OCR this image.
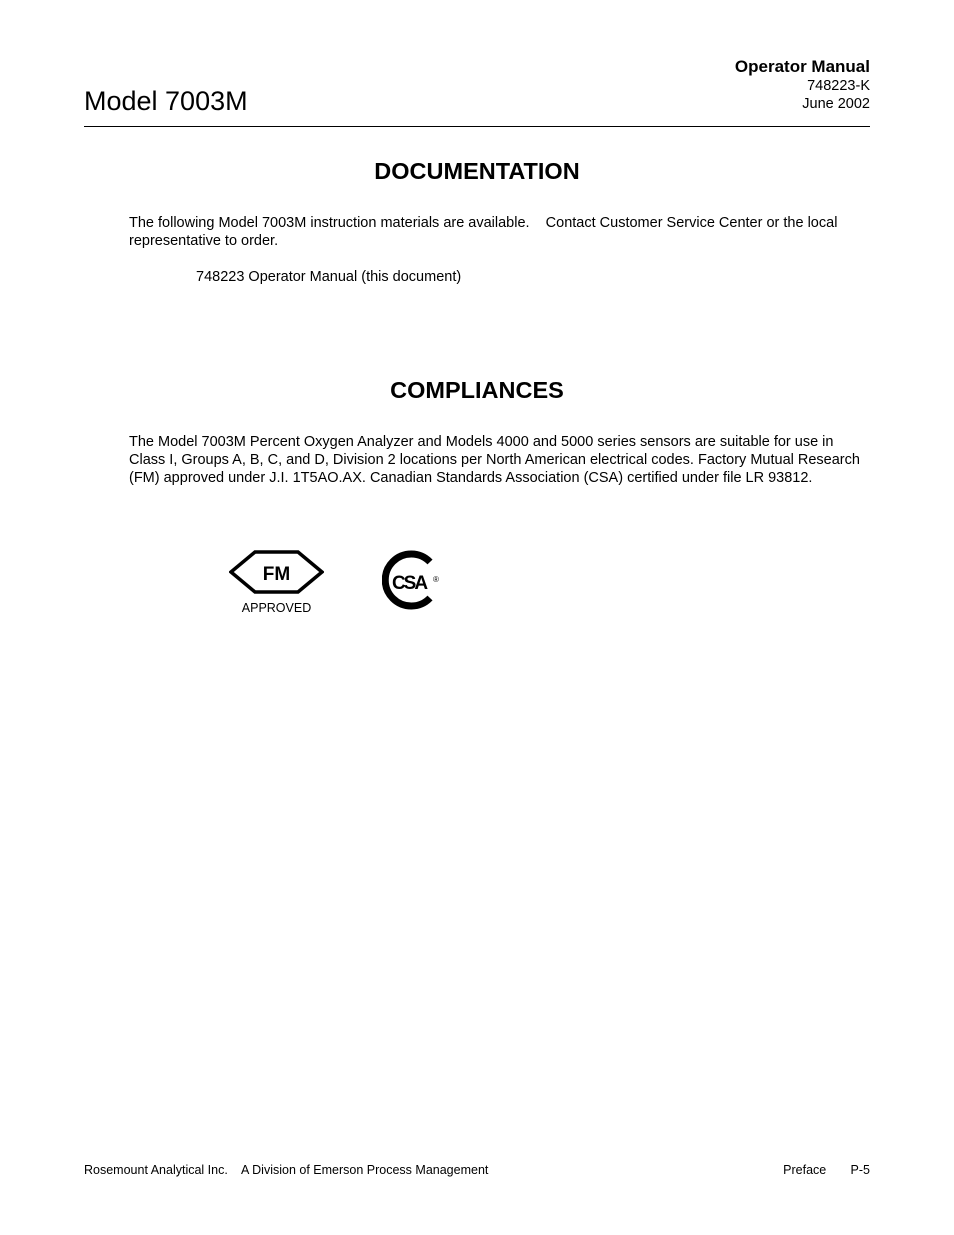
Model 7003M
Operator Manual
748223-K
June 2002
DOCUMENTATION
The following Model 7003M instruction materials are available.    Contact Customer Service Center or the local representative to order.
748223 Operator Manual (this document)
COMPLIANCES
The Model 7003M Percent Oxygen Analyzer and Models 4000 and 5000 series sensors are suitable for use in Class I, Groups A, B, C, and D, Division 2 locations per North American electrical codes. Factory Mutual Research (FM) approved under J.I. 1T5AO.AX. Canadian Standards Association (CSA) certified under file LR 93812.
FM
APPROVED
CSA ®
Rosemount Analytical Inc. A Division of Emerson Process Management	Preface P-5
